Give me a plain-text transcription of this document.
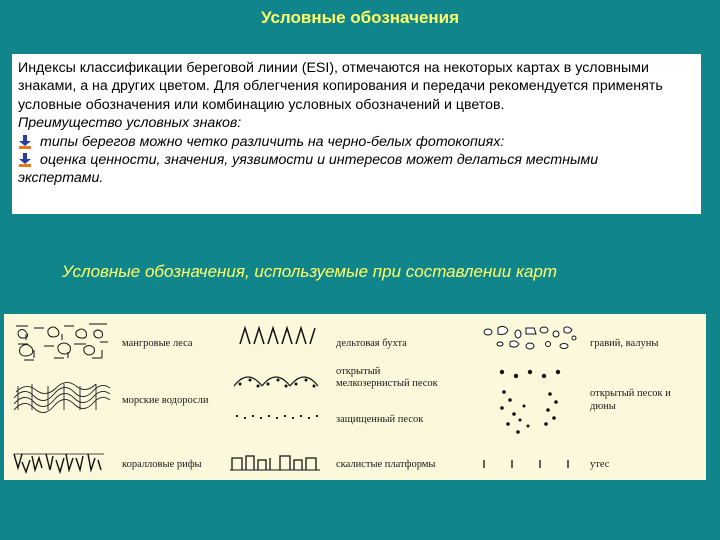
Условные обозначения

Индексы классификации береговой линии (ESI), отмечаются на некоторых картах в условными знаками, а на других цветом. Для облегчения копирования и передачи рекомендуется применять условные обозначения или комбинацию условных обозначений и цветов.

Преимущество условных знаков:

типы берегов можно четко различить на черно-белых фотокопиях:

оценка ценности, значения, уязвимости и интересов может делаться местными

экспертами.

Условные обозначения, используемые при составлении карт
мангровые леса
морские водоросли
коралловые рифы
дельтовая бухта
открытый
мелкозернистый песок
защищенный песок
скалистые платформы
гравий, валуны
открытый песок и
дюны
утес
